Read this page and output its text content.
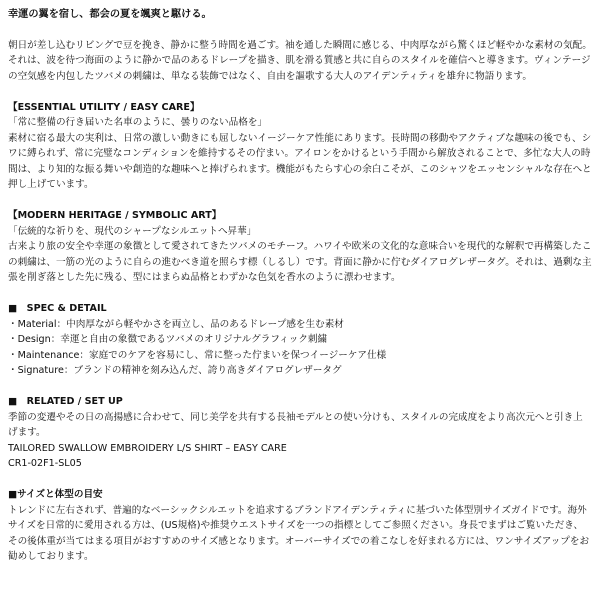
幸運の翼を宿し、都会の夏を颯爽と駆ける。

朝日が差し込むリビングで豆を挽き、静かに整う時間を過ごす。袖を通した瞬間に感じる、中肉厚ながら驚くほど軽やかな素材の気配。それは、波を待つ海面のように静かで品のあるドレープを描き、肌を滑る質感と共に自らのスタイルを確信へと導きます。ヴィンテージの空気感を内包したツバメの刺繍は、単なる装飾ではなく、自由を謳歌する大人のアイデンティティを雄弁に物語ります。

【ESSENTIAL UTILITY / EASY CARE】

「常に整備の行き届いた名車のように、曇りのない品格を」

素材に宿る最大の実利は、日常の激しい動きにも屈しないイージーケア性能にあります。長時間の移動やアクティブな趣味の後でも、シワに縛られず、常に完璧なコンディションを維持するその佇まい。アイロンをかけるという手間から解放されることで、多忙な大人の時間は、より知的な振る舞いや創造的な趣味へと捧げられます。機能がもたらす心の余白こそが、このシャツをエッセンシャルな存在へと押し上げています。

【MODERN HERITAGE / SYMBOLIC ART】

「伝統的な祈りを、現代のシャープなシルエットへ昇華」

古来より旅の安全や幸運の象徴として愛されてきたツバメのモチーフ。ハワイや欧米の文化的な意味合いを現代的な解釈で再構築したこの刺繍は、一筋の光のように自らの進むべき道を照らす標（しるし）です。背面に静かに佇むダイアログレザータグ。それは、過剰な主張を削ぎ落とした先に残る、型にはまらぬ品格とわずかな色気を香水のように漂わせます。

■　SPEC & DETAIL

・Material：中肉厚ながら軽やかさを両立し、品のあるドレープ感を生む素材

・Design：幸運と自由の象徴であるツバメのオリジナルグラフィック刺繍

・Maintenance：家庭でのケアを容易にし、常に整った佇まいを保つイージーケア仕様

・Signature：ブランドの精神を刻み込んだ、誇り高きダイアログレザータグ

■　RELATED / SET UP

季節の変遷やその日の高揚感に合わせて、同じ美学を共有する長袖モデルとの使い分けも、スタイルの完成度をより高次元へと引き上げます。

TAILORED SWALLOW EMBROIDERY L/S SHIRT – EASY CARE

CR1-02F1-SL05

■サイズと体型の目安

トレンドに左右されず、普遍的なベーシックシルエットを追求するブランドアイデンティティに基づいた体型別サイズガイドです。海外サイズを日常的に愛用される方は、(US規格)や推奨ウエストサイズを一つの指標としてご参照ください。身長でまずはご覧いただき、その後体重が当てはまる項目がおすすめのサイズ感となります。オーバーサイズでの着こなしを好まれる方には、ワンサイズアップをお勧めしております。
